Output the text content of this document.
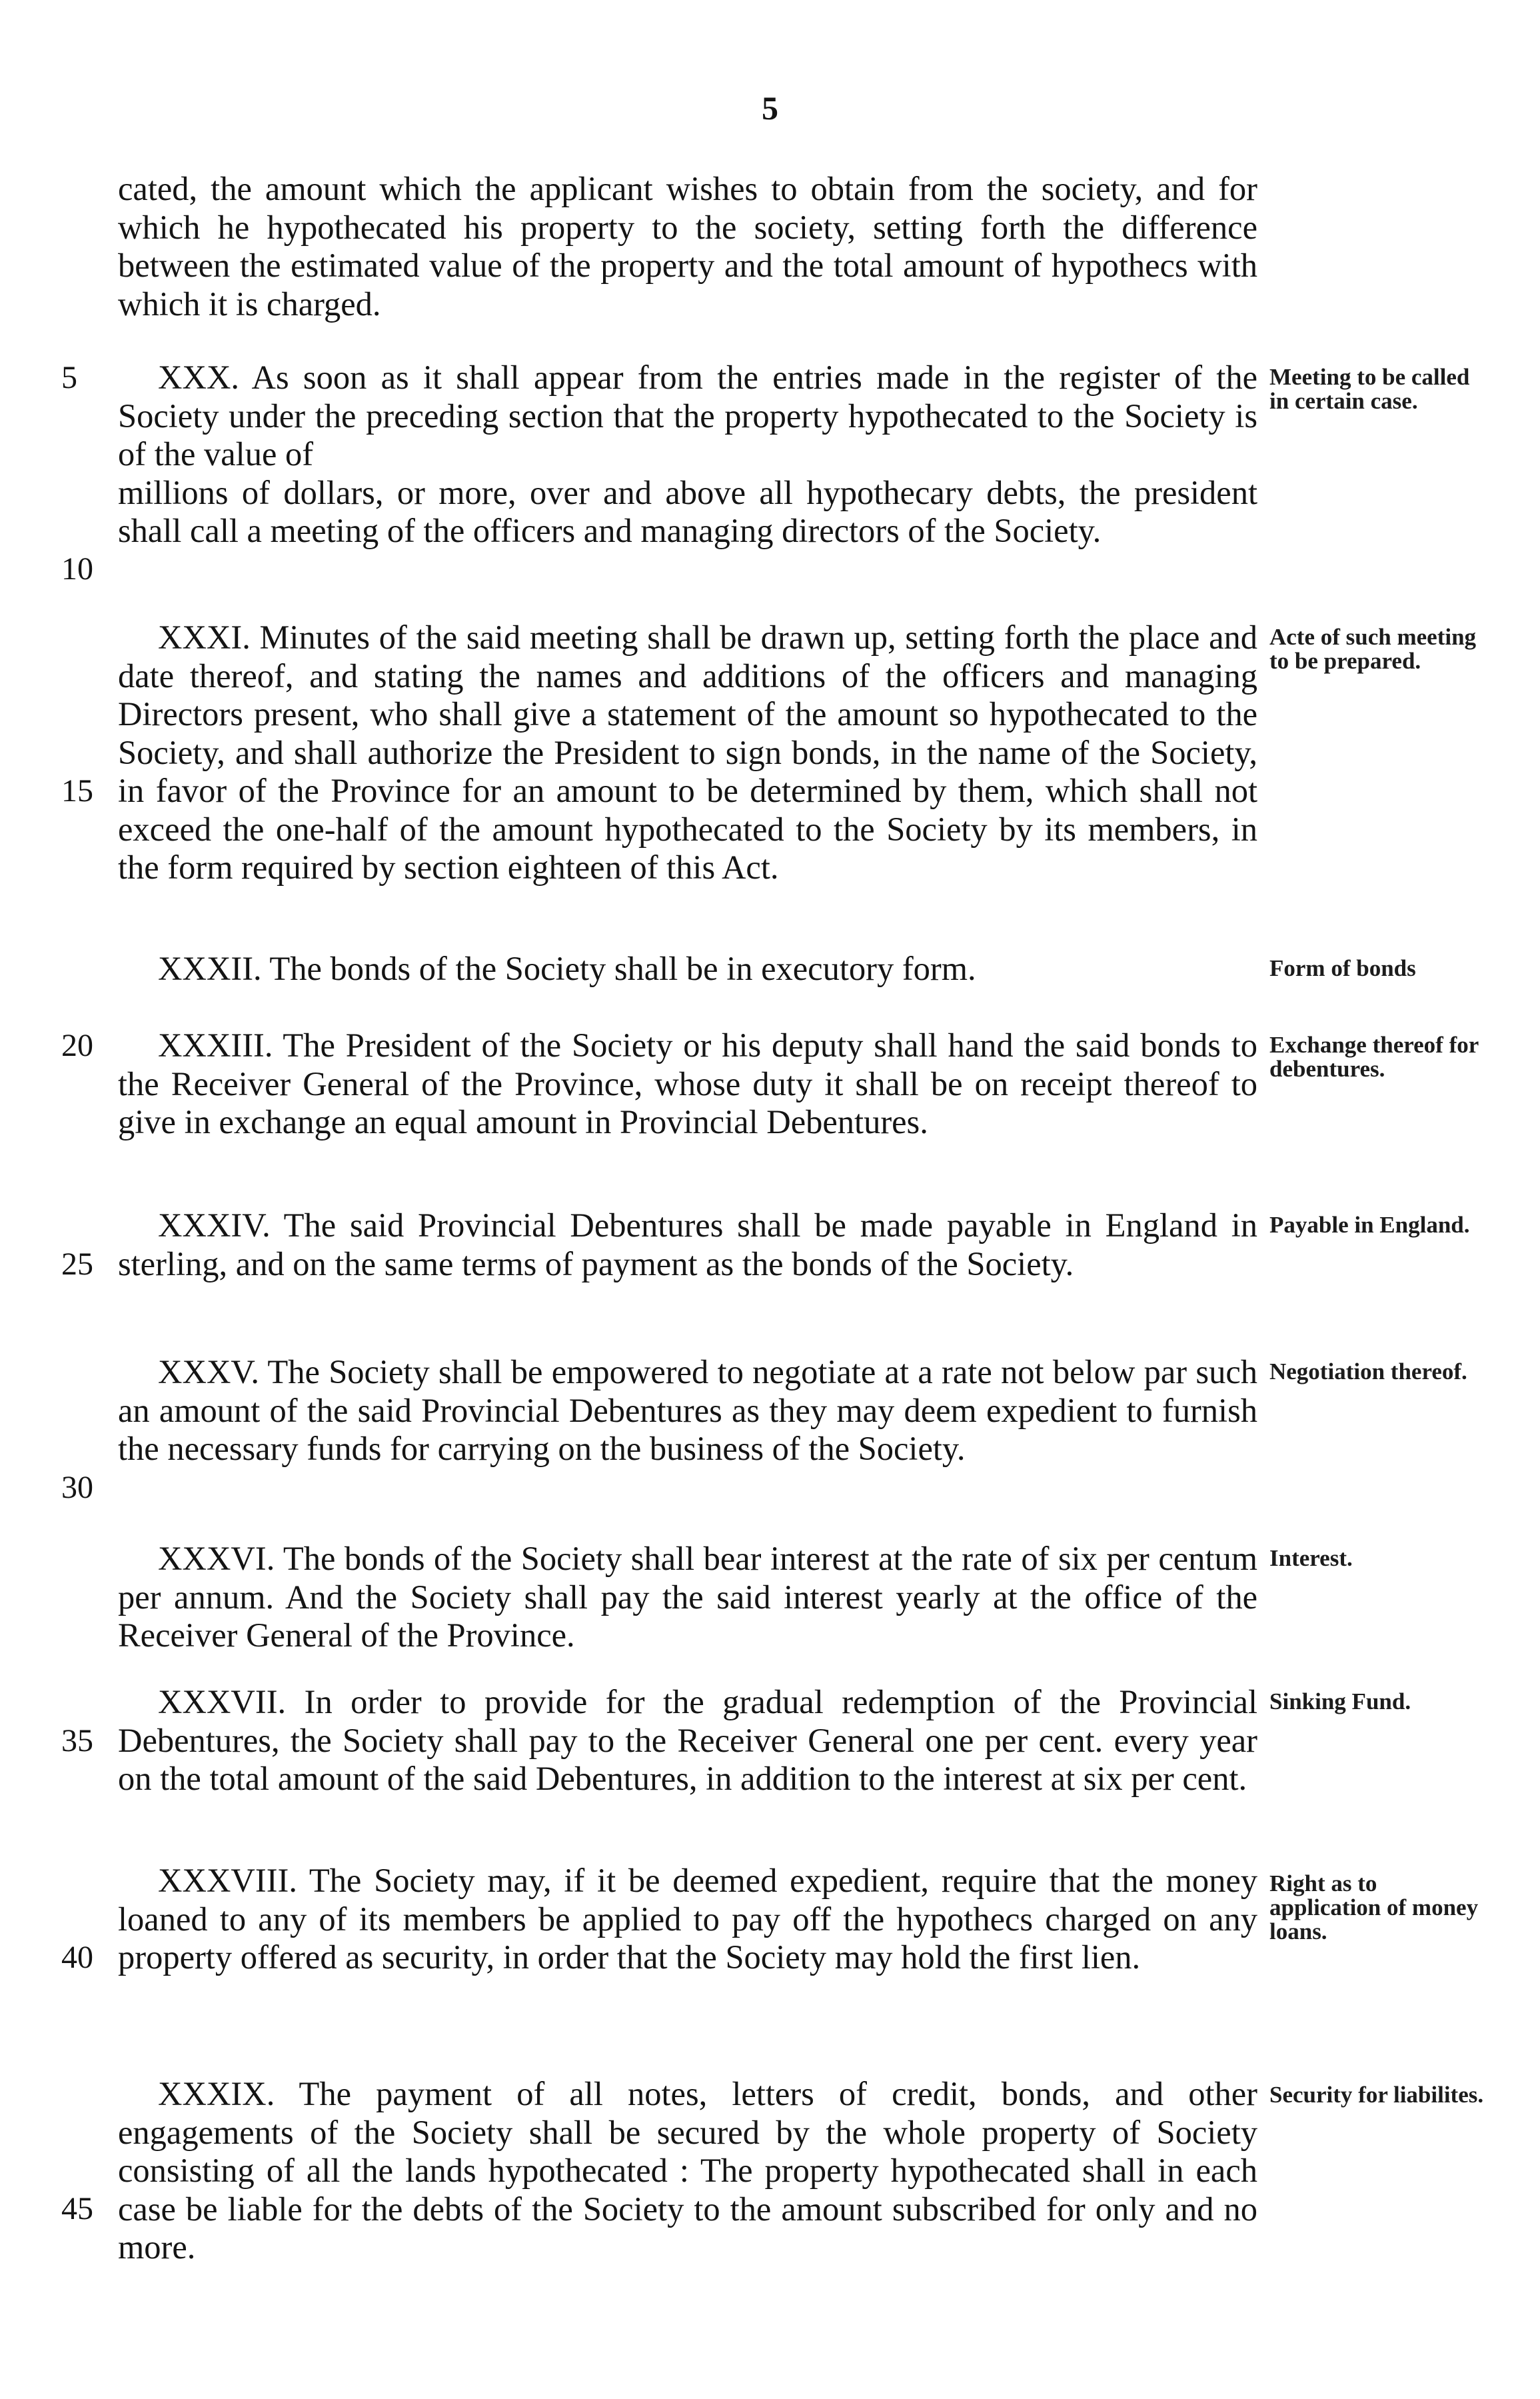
5
cated, the amount which the applicant wishes to obtain from the society, and for which he hypothecated his property to the society, setting forth the difference between the estimated value of the property and the total amount of hypothecs with which it is charged.
5	XXX. As soon as it shall appear from the entries made in the register of the Society under the preceding section that the property hypothecated to the Society is of the value of
millions of dollars, or more, over and above all hypothecary debts, the president shall call a meeting of the officers and managing directors of the Society.
10
Meeting to be called in certain case.
XXXI. Minutes of the said meeting shall be drawn up, setting forth the place and date thereof, and stating the names and additions of the officers and managing Directors present, who shall give a statement of the amount so hypothecated to the Society, and shall authorize the President to sign bonds, in the name of the Society, in favor of the Province for an amount to be determined by them, which shall not exceed the one-half of the amount hypothecated to the Society by its members, in the form required by section eighteen of this Act.
15
Acte of such meeting to be prepared.
XXXII. The bonds of the Society shall be in executory form.	Form of bonds
20	XXXIII. The President of the Society or his deputy shall hand the said bonds to the Receiver General of the Province, whose duty it shall be on receipt thereof to give in exchange an equal amount in Provincial Debentures.
Exchange thereof for debentures.
XXXIV. The said Provincial Debentures shall be made payable in England in sterling, and on the same terms of payment as the bonds of the Society.
25
Payable in England.
XXXV. The Society shall be empowered to negotiate at a rate not below par such an amount of the said Provincial Debentures as they may deem expedient to furnish the necessary funds for carrying on the business of the Society.
30
Negotiation thereof.
XXXVI. The bonds of the Society shall bear interest at the rate of six per centum per annum. And the Society shall pay the said interest yearly at the office of the Receiver General of the Province.
Interest.
XXXVII. In order to provide for the gradual redemption of the Provincial Debentures, the Society shall pay to the Receiver General one per cent. every year on the total amount of the said Debentures, in addition to the interest at six per cent.
35
Sinking Fund.
XXXVIII. The Society may, if it be deemed expedient, require that the money loaned to any of its members be applied to pay off the hypothecs charged on any property offered as security, in order that the Society may hold the first lien.
40
Right as to application of money loans.
XXXIX. The payment of all notes, letters of credit, bonds, and other engagements of the Society shall be secured by the whole property of Society consisting of all the lands hypothecated : The property hypothecated shall in each case be liable for the debts of the Society to the amount subscribed for only and no more.
45
Security for liabilites.
